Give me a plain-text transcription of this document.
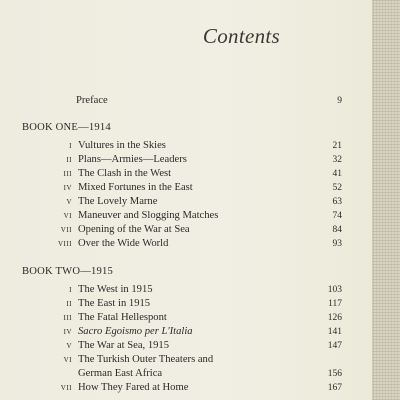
Contents
Preface	9
BOOK ONE—1914
I Vultures in the Skies	21
II Plans—Armies—Leaders	32
III The Clash in the West	41
IV Mixed Fortunes in the East	52
V The Lovely Marne	63
VI Maneuver and Slogging Matches	74
VII Opening of the War at Sea	84
VIII Over the Wide World	93
BOOK TWO—1915
I The West in 1915	103
II The East in 1915	117
III The Fatal Hellespont	126
IV Sacro Egoismo per L'Italia	141
V The War at Sea, 1915	147
VI The Turkish Outer Theaters and
German East Africa	156
VII How They Fared at Home	167
